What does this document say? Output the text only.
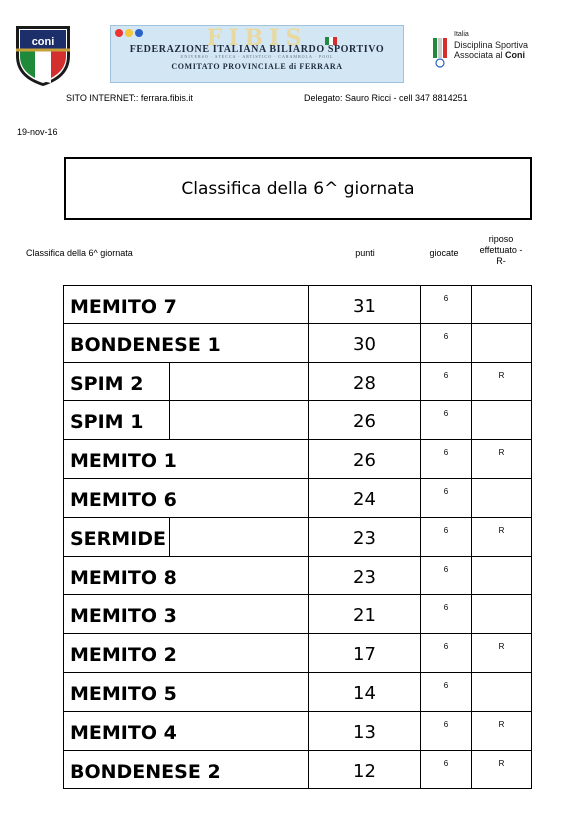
coni	FIBIS
FEDERAZIONE ITALIANA BILIARDO SPORTIVO
UNIVERSO · STECCA · ARTISTICO · CARAMBOLA · POOL
COMITATO PROVINCIALE di FERRARA
Italia
Disciplina Sportiva
Associata al Coni
SITO INTERNET:: ferrara.fibis.it	Delegato: Sauro Ricci - cell 347 8814251
19-nov-16
Classifica della 6^ giornata
Classifica della 6^ giornata	punti	giocate
riposo
effettuato -
R-
MEMITO 7	31	6
BONDENESE 1	30	6
SPIM 2	28	6	R
SPIM 1	26	6
MEMITO 1	26	6	R
MEMITO 6	24	6
SERMIDE	23	6	R
MEMITO 8	23	6
MEMITO 3	21	6
MEMITO 2	17	6	R
MEMITO 5	14	6
MEMITO 4	13	6	R
BONDENESE 2	12	6	R
